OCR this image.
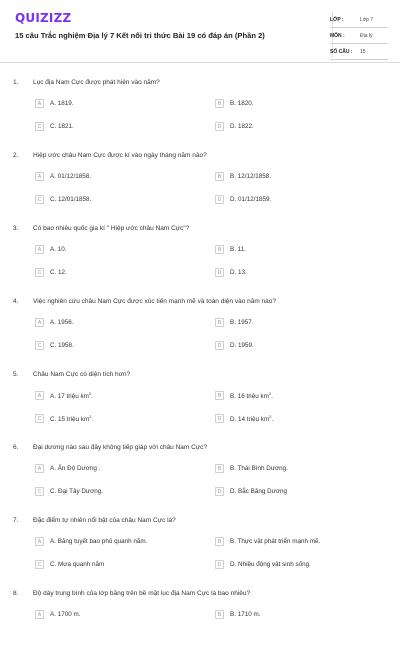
QUIZIZZ
15 câu Trắc nghiệm Địa lý 7 Kết nối tri thức Bài 19 có đáp án (Phần 2)
LỚP :	Lớp 7
MÔN :	Địa lý
SỐ CÂU : 15
1. Lục địa Nam Cực được phát hiện vào năm?
A	A. 1819.	B	B. 1820.
C	C. 1821.	D	D. 1822.
2. Hiệp ước châu Nam Cực được kí vào ngày tháng năm nào?
A	A. 01/12/1858.	B	B. 12/12/1858.
C	C. 12/01/1858.	D	D. 01/12/1859.
3. Có bao nhiêu quốc gia kí " Hiệp ước châu Nam Cực"?
A	A. 10.	B	B. 11.
C	C. 12.	D	D. 13.
4. Việc nghiên cứu châu Nam Cực được xúc tiến mạnh mẽ và toàn diện vào năm nào?
A	A. 1956.	B	B. 1957.
C	C. 1958.	D	D. 1959.
5. Châu Nam Cực có diện tích hơn?
A	A. 17 triệu $km^2$.	B	B. 16 triệu $km^2$.
C	C. 15 triệu $km^2$.	D	D. 14 triệu $km^2$.
6. Đại dương nào sau đây không tiếp giáp với châu Nam Cực?
A	A. Ấn Độ Dương .	B	B. Thái Bình Dương.
C	C. Đại Tây Dương.	D	D. Bắc Băng Dương
7. Đặc điểm tự nhiên nổi bật của châu Nam Cực là?
A	A. Băng tuyết bao phủ quanh năm.	B	B. Thực vật phát triển mạnh mẽ.
C	C. Mưa quanh năm	D	D. Nhiều động vật sinh sống.
8. Độ dày trung bình của lớp băng trên bề mặt lục địa Nam Cực là bao nhiêu?
A	A. 1700 m.	B	B. 1710 m.
